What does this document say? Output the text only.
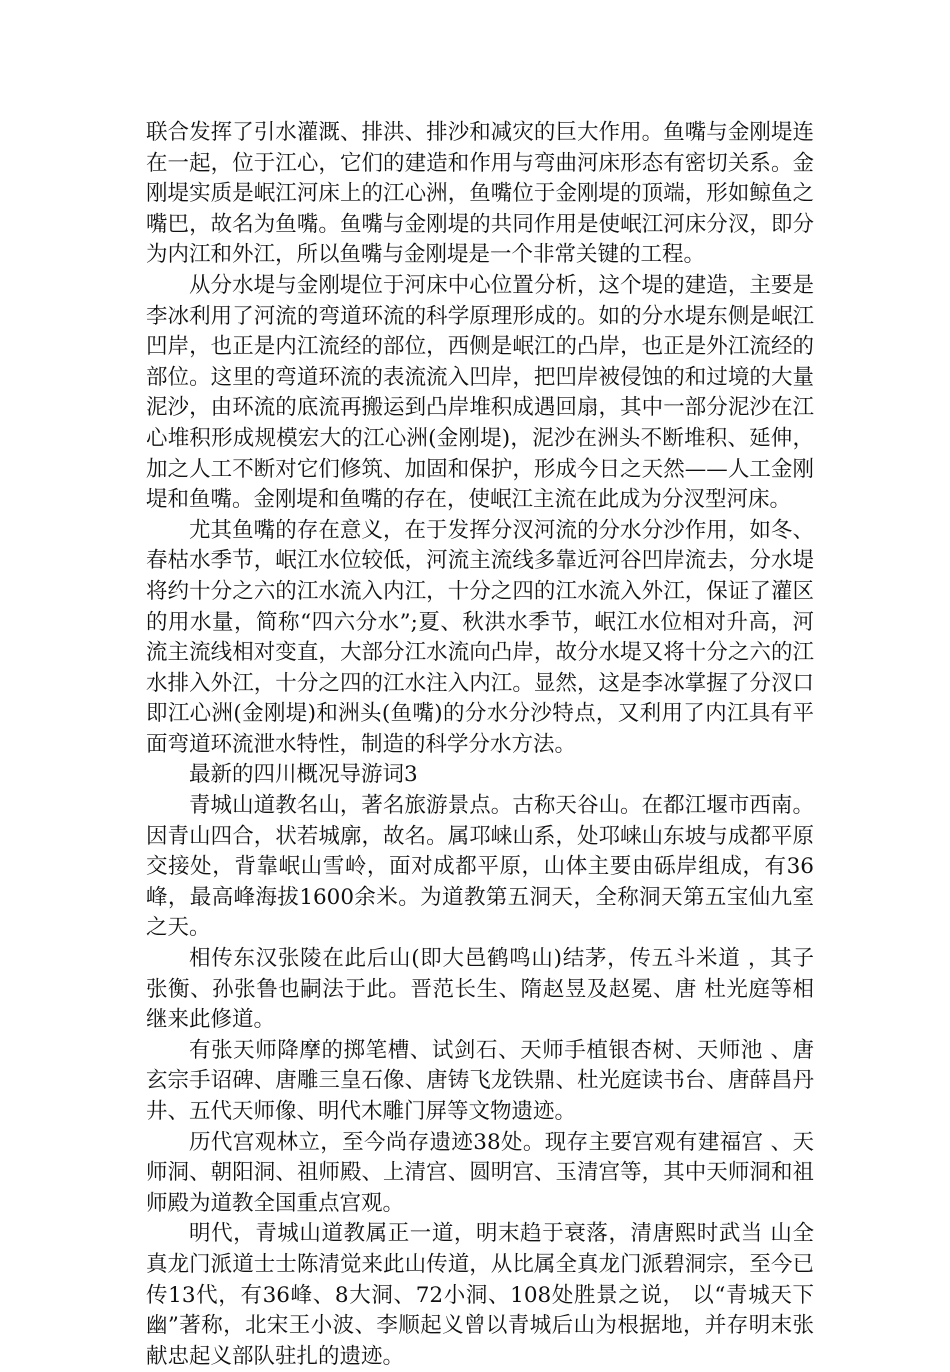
联合发挥了引水灌溉、排洪、排沙和减灾的巨大作用。鱼嘴与金刚堤连在一起，位于江心，它们的建造和作用与弯曲河床形态有密切关系。金刚堤实质是岷江河床上的江心洲，鱼嘴位于金刚堤的顶端，形如鲸鱼之嘴巴，故名为鱼嘴。鱼嘴与金刚堤的共同作用是使岷江河床分汊，即分为内江和外江，所以鱼嘴与金刚堤是一个非常关键的工程。

从分水堤与金刚堤位于河床中心位置分析，这个堤的建造，主要是李冰利用了河流的弯道环流的科学原理形成的。如的分水堤东侧是岷江凹岸，也正是内江流经的部位，西侧是岷江的凸岸，也正是外江流经的部位。这里的弯道环流的表流流入凹岸，把凹岸被侵蚀的和过境的大量泥沙，由环流的底流再搬运到凸岸堆积成遇回扇，其中一部分泥沙在江心堆积形成规模宏大的江心洲(金刚堤)，泥沙在洲头不断堆积、延伸，加之人工不断对它们修筑、加固和保护，形成今日之天然——人工金刚堤和鱼嘴。金刚堤和鱼嘴的存在，使岷江主流在此成为分汊型河床。

尤其鱼嘴的存在意义，在于发挥分汊河流的分水分沙作用，如冬、春枯水季节，岷江水位较低，河流主流线多靠近河谷凹岸流去，分水堤将约十分之六的江水流入内江，十分之四的江水流入外江，保证了灌区的用水量，简称“四六分水”;夏、秋洪水季节，岷江水位相对升高，河流主流线相对变直，大部分江水流向凸岸，故分水堤又将十分之六的江水排入外江，十分之四的江水注入内江。显然，这是李冰掌握了分汊口即江心洲(金刚堤)和洲头(鱼嘴)的分水分沙特点，又利用了内江具有平面弯道环流泄水特性，制造的科学分水方法。

最新的四川概况导游词3

青城山道教名山，著名旅游景点。古称天谷山。在都江堰市西南。 因青山四合，状若城廓，故名。属邛崃山系，处邛崃山东坡与成都平原交接处，背靠岷山雪岭，面对成都平原，山体主要由砾岸组成，有36峰，最高峰海拔1600余米。为道教第五洞天，全称洞天第五宝仙九室之天。

相传东汉张陵在此后山(即大邑鹤鸣山)结茅，传五斗米道 ，其子张衡、孙张鲁也嗣法于此。晋范长生、隋赵昱及赵冕、唐 杜光庭等相继来此修道。

有张天师降摩的掷笔槽、试剑石、天师手植银杏树、天师池 、唐玄宗手诏碑、唐雕三皇石像、唐铸飞龙铁鼎、杜光庭读书台、唐薛昌丹井、五代天师像、明代木雕门屏等文物遗迹。

历代宫观林立，至今尚存遗迹38处。现存主要宫观有建福宫 、天师洞、朝阳洞、祖师殿、上清宫、圆明宫、玉清宫等，其中天师洞和祖师殿为道教全国重点宫观。

明代，青城山道教属正一道，明末趋于衰落，清唐熙时武当 山全真龙门派道士士陈清觉来此山传道，从比属全真龙门派碧洞宗，至今已传13代，有36峰、8大洞、72小洞、108处胜景之说， 以“青城天下幽”著称，北宋王小波、李顺起义曾以青城后山为根据地，并存明末张献忠起义部队驻扎的遗迹。
